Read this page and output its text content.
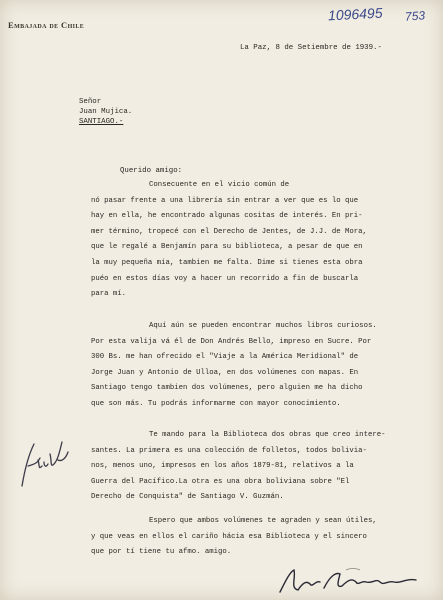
Embajada de Chile
1096495 753
La Paz, 8 de Setiembre de 1939.-
Señor
Juan Mujica.
SANTIAGO.-
Querido amigo:
Consecuente en el vicio común de
nó pasar frente a una librería sin entrar a ver que es lo que
hay en ella, he encontrado algunas cositas de interés. En pri-
mer término, tropecé con el Derecho de Jentes, de J.J. de Mora,
que le regalé a Benjamín para su biblioteca, a pesar de que en
la muy pequeña mía, tambien me falta. Dime si tienes esta obra
puéo en estos días voy a hacer un recorrido a fin de buscarla
para mí.
Aquí aún se pueden encontrar muchos libros curiosos.
Por esta valija vá él de Don Andrés Bello, impreso en Sucre. Por
300 Bs. me han ofrecido el "Viaje a la América Meridional" de
Jorge Juan y Antonio de Ulloa, en dos volúmenes con mapas. En
Santiago tengo tambien dos volúmenes, pero alguien me ha dicho
que son más. Tu podrás informarme con mayor conocimiento.
Te mando para la Biblioteca dos obras que creo intere-
santes. La primera es una colección de folletos, todos bolivia-
nos, menos uno, impresos en los años 1879-81, relativos a la
Guerra del Pacífico.La otra es una obra boliviana sobre "El
Derecho de Conquista" de Santiago V. Guzmán.
Espero que ambos volúmenes te agraden y sean útiles,
y que veas en ellos el cariño hácia esa Biblioteca y el sincero
que por tí tiene tu afmo. amigo.
